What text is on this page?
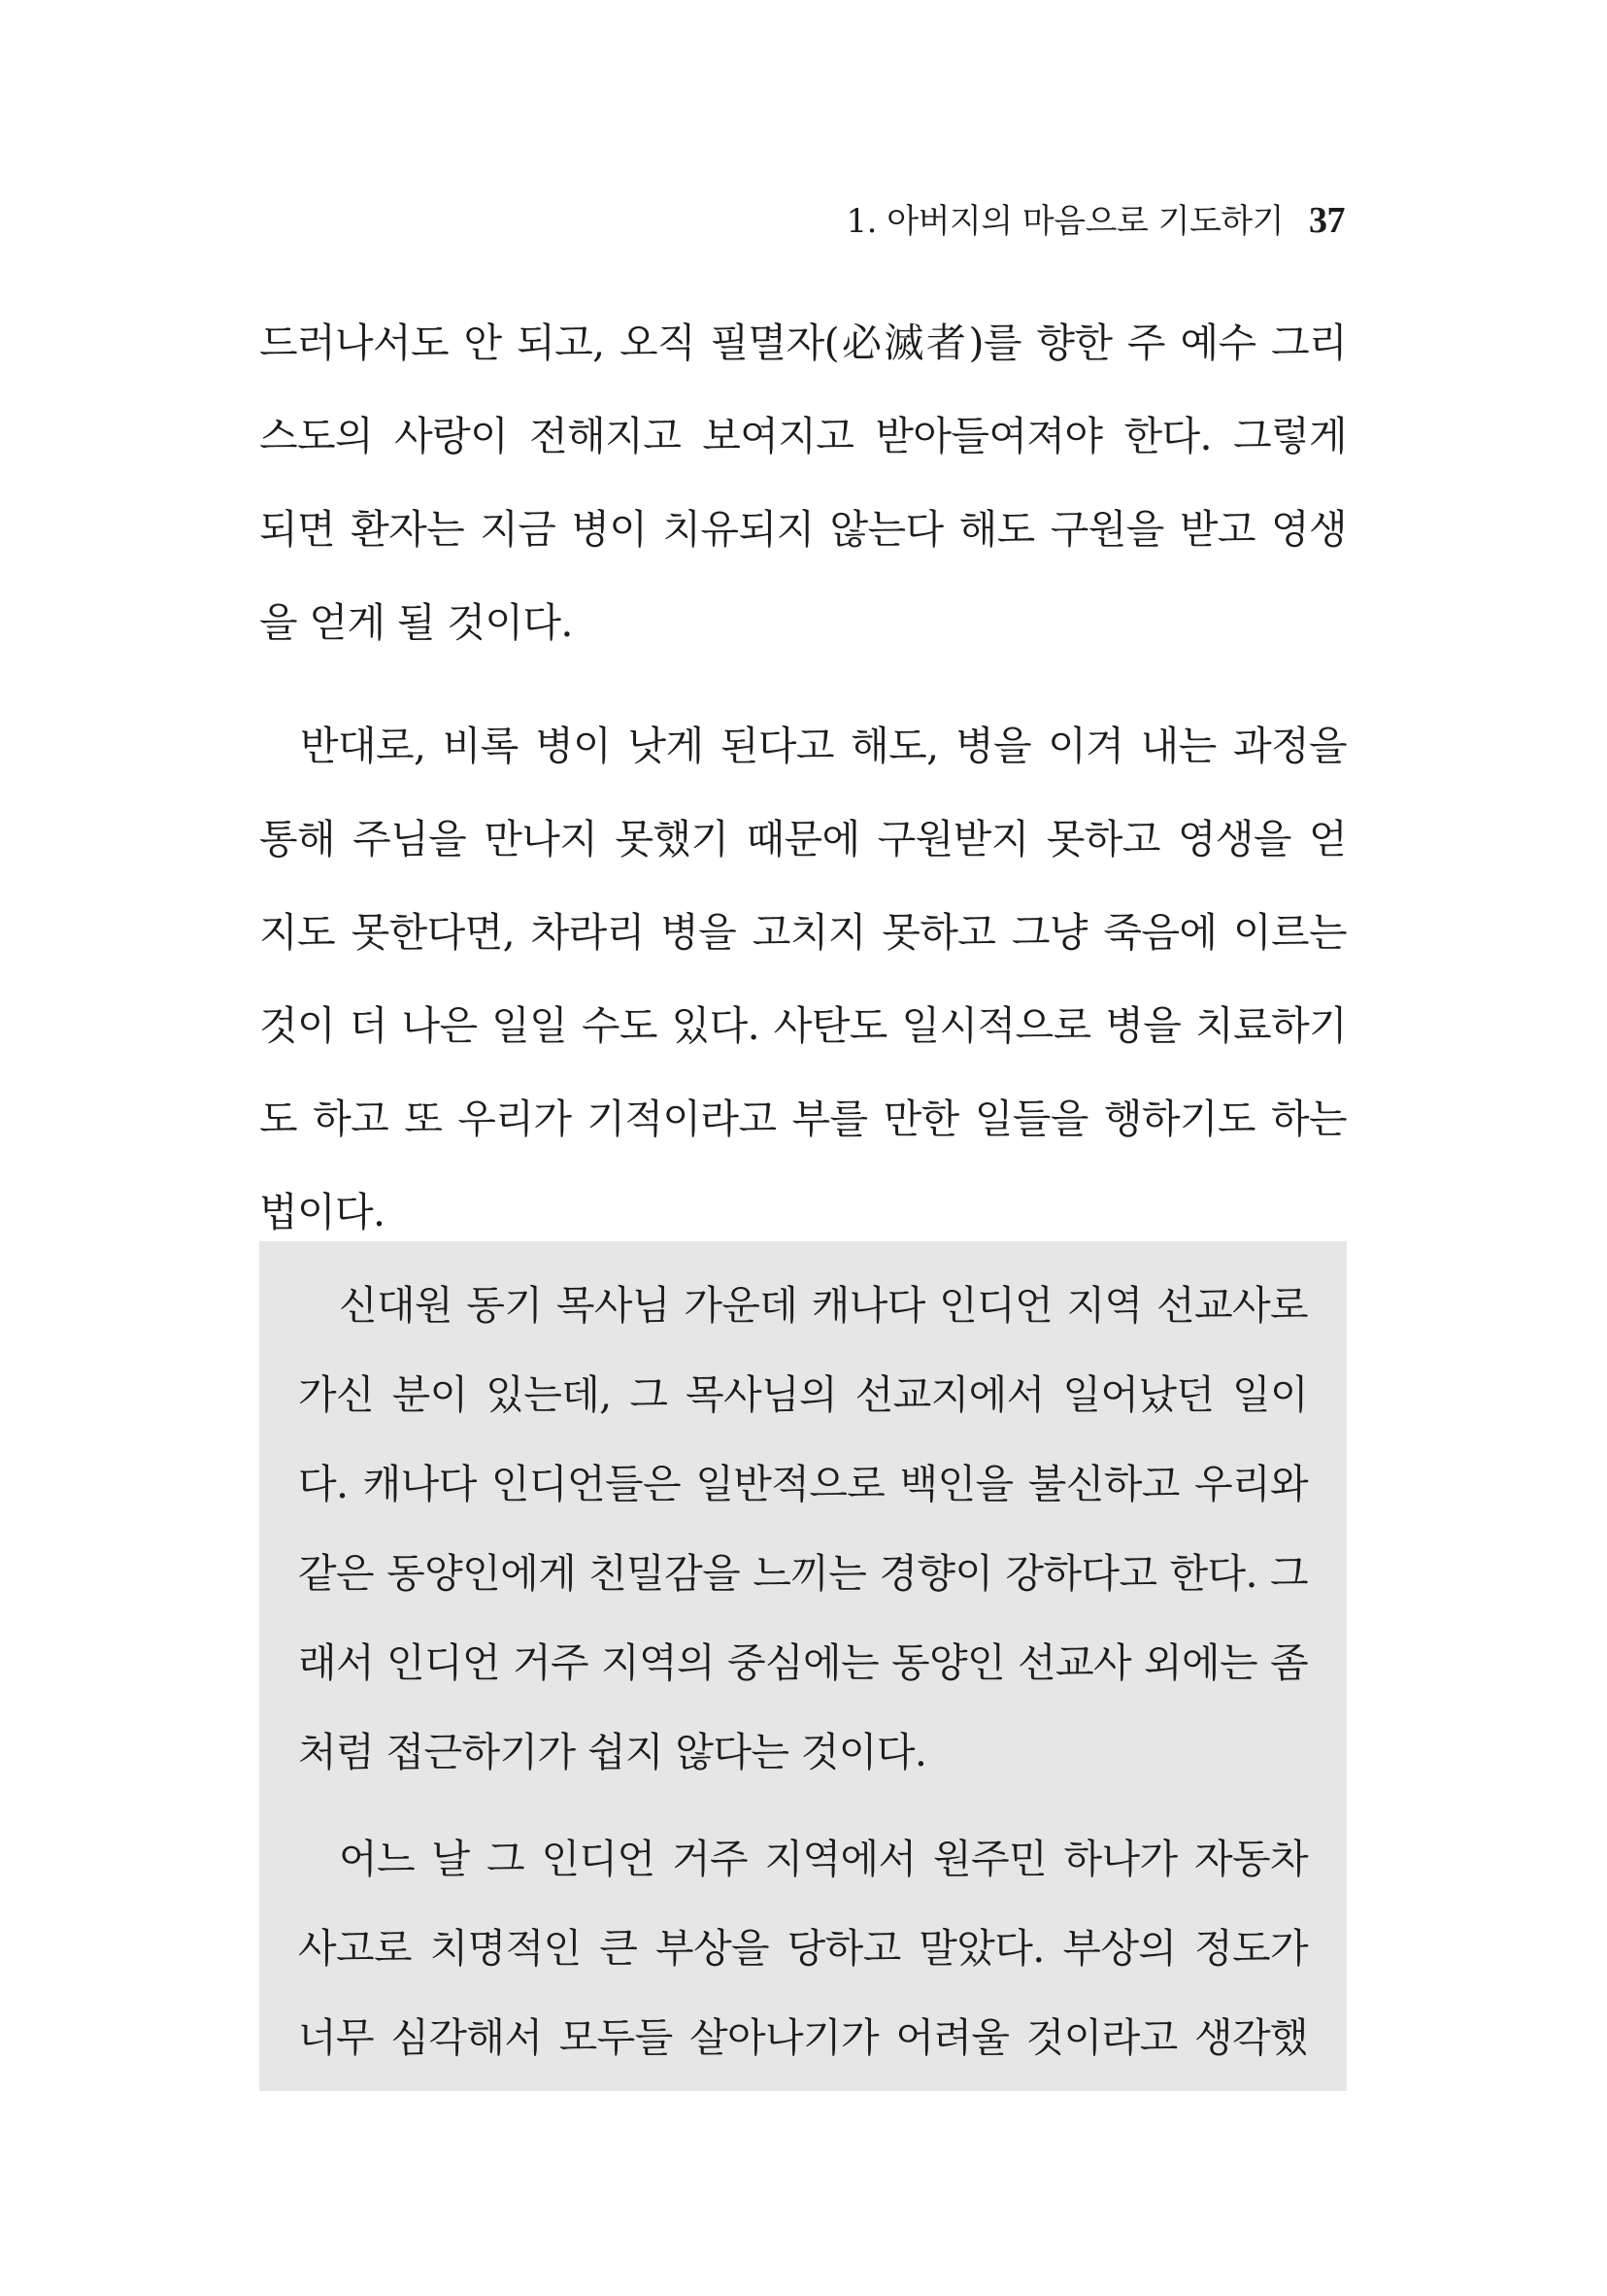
1. 아버지의 마음으로 기도하기 37
드러나서도 안 되고, 오직 필멸자(必滅者)를 향한 주 예수 그리
스도의 사랑이 전해지고 보여지고 받아들여져야 한다. 그렇게
되면 환자는 지금 병이 치유되지 않는다 해도 구원을 받고 영생
을 얻게 될 것이다.
반대로, 비록 병이 낫게 된다고 해도, 병을 이겨 내는 과정을
통해 주님을 만나지 못했기 때문에 구원받지 못하고 영생을 얻
지도 못한다면, 차라리 병을 고치지 못하고 그냥 죽음에 이르는
것이 더 나은 일일 수도 있다. 사탄도 일시적으로 병을 치료하기
도 하고 또 우리가 기적이라고 부를 만한 일들을 행하기도 하는
법이다.
신대원 동기 목사님 가운데 캐나다 인디언 지역 선교사로
가신 분이 있는데, 그 목사님의 선교지에서 일어났던 일이
다. 캐나다 인디언들은 일반적으로 백인을 불신하고 우리와
같은 동양인에게 친밀감을 느끼는 경향이 강하다고 한다. 그
래서 인디언 거주 지역의 중심에는 동양인 선교사 외에는 좀
처럼 접근하기가 쉽지 않다는 것이다.
어느 날 그 인디언 거주 지역에서 원주민 하나가 자동차
사고로 치명적인 큰 부상을 당하고 말았다. 부상의 정도가
너무 심각해서 모두들 살아나기가 어려울 것이라고 생각했
